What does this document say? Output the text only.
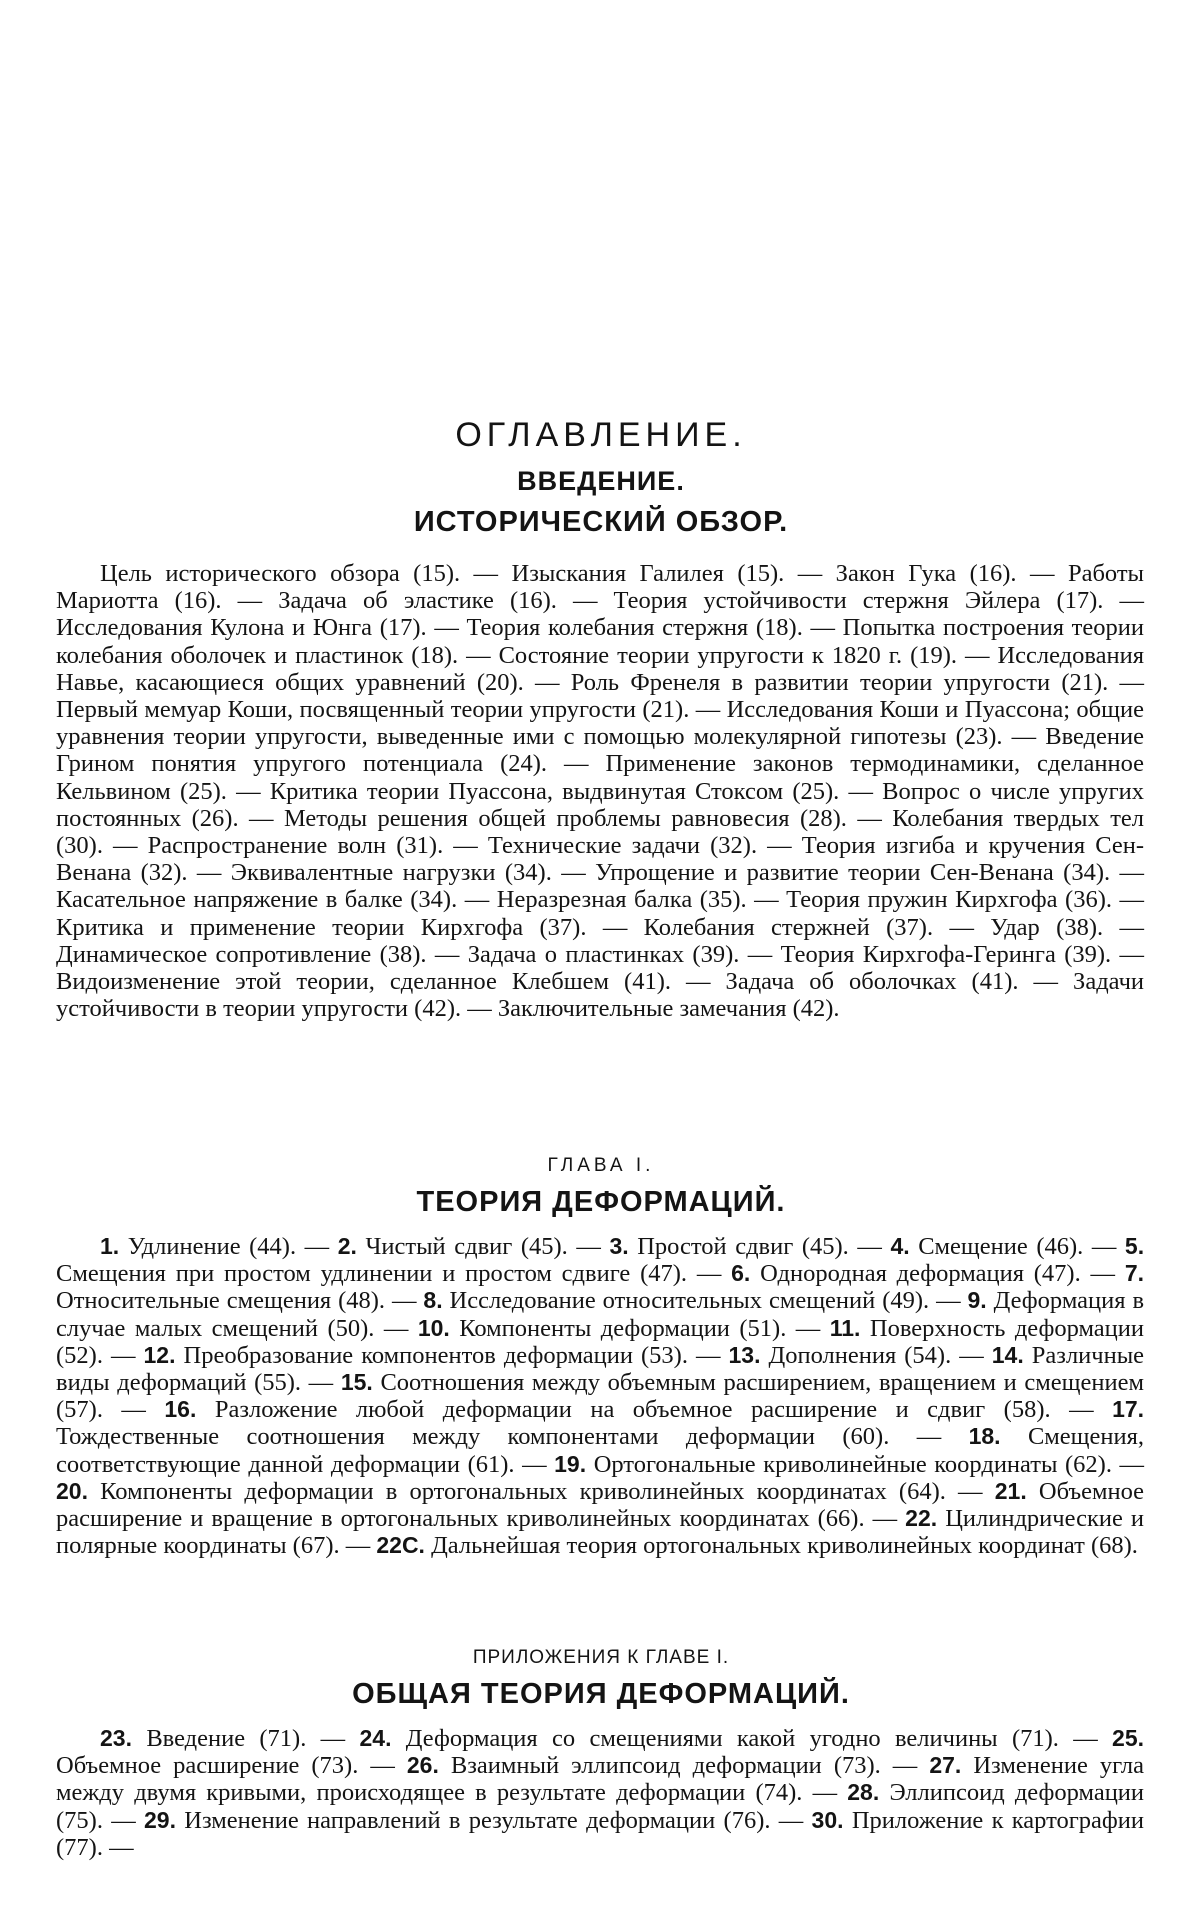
ОГЛАВЛЕНИЕ.
ВВЕДЕНИЕ.
ИСТОРИЧЕСКИЙ ОБЗОР.

Цель исторического обзора (15). — Изыскания Галилея (15). — Закон Гука (16). — Работы Мариотта (16). — Задача об эластике (16). — Теория устойчивости стержня Эйлера (17). — Исследования Кулона и Юнга (17). — Теория колебания стержня (18). — Попытка построения теории колебания оболочек и пластинок (18). — Состояние теории упругости к 1820 г. (19). — Исследования Навье, касающиеся общих уравнений (20). — Роль Френеля в развитии теории упругости (21). — Первый мемуар Коши, посвященный теории упругости (21). — Исследования Коши и Пуассона; общие уравнения теории упругости, выведенные ими с помощью молекулярной гипотезы (23). — Введение Грином понятия упругого потенциала (24). — Применение законов термодинамики, сделанное Кельвином (25). — Критика теории Пуассона, выдвинутая Стоксом (25). — Вопрос о числе упругих постоянных (26). — Методы решения общей проблемы равновесия (28). — Колебания твердых тел (30). — Распространение волн (31). — Технические задачи (32). — Теория изгиба и кручения Сен-Венана (32). — Эквивалентные нагрузки (34). — Упрощение и развитие теории Сен-Венана (34). — Касательное напряжение в балке (34). — Неразрезная балка (35). — Теория пружин Кирхгофа (36). — Критика и применение теории Кирхгофа (37). — Колебания стержней (37). — Удар (38). — Динамическое сопротивление (38). — Задача о пластинках (39). — Теория Кирхгофа-Геринга (39). — Видоизменение этой теории, сделанное Клебшем (41). — Задача об оболочках (41). — Задачи устойчивости в теории упругости (42). — Заключительные замечания (42).

ГЛАВА I.
ТЕОРИЯ ДЕФОРМАЦИЙ.

1. Удлинение (44). — 2. Чистый сдвиг (45). — 3. Простой сдвиг (45). — 4. Смещение (46). — 5. Смещения при простом удлинении и простом сдвиге (47). — 6. Однородная деформация (47). — 7. Относительные смещения (48). — 8. Исследование относительных смещений (49). — 9. Деформация в случае малых смещений (50). — 10. Компоненты деформации (51). — 11. Поверхность деформации (52). — 12. Преобразование компонентов деформации (53). — 13. Дополнения (54). — 14. Различные виды деформаций (55). — 15. Соотношения между объемным расширением, вращением и смещением (57). — 16. Разложение любой деформации на объемное расширение и сдвиг (58). — 17. Тождественные соотношения между компонентами деформации (60). — 18. Смещения, соответствующие данной деформации (61). — 19. Ортогональные криволинейные координаты (62). — 20. Компоненты деформации в ортогональных криволинейных координатах (64). — 21. Объемное расширение и вращение в ортогональных криволинейных координатах (66). — 22. Цилиндрические и полярные координаты (67). — 22С. Дальнейшая теория ортогональных криволинейных координат (68).

ПРИЛОЖЕНИЯ К ГЛАВЕ I.
ОБЩАЯ ТЕОРИЯ ДЕФОРМАЦИЙ.

23. Введение (71). — 24. Деформация со смещениями какой угодно величины (71). — 25. Объемное расширение (73). — 26. Взаимный эллипсоид деформации (73). — 27. Изменение угла между двумя кривыми, происходящее в результате деформации (74). — 28. Эллипсоид деформации (75). — 29. Изменение направлений в результате деформации (76). — 30. Приложение к картографии (77). —
